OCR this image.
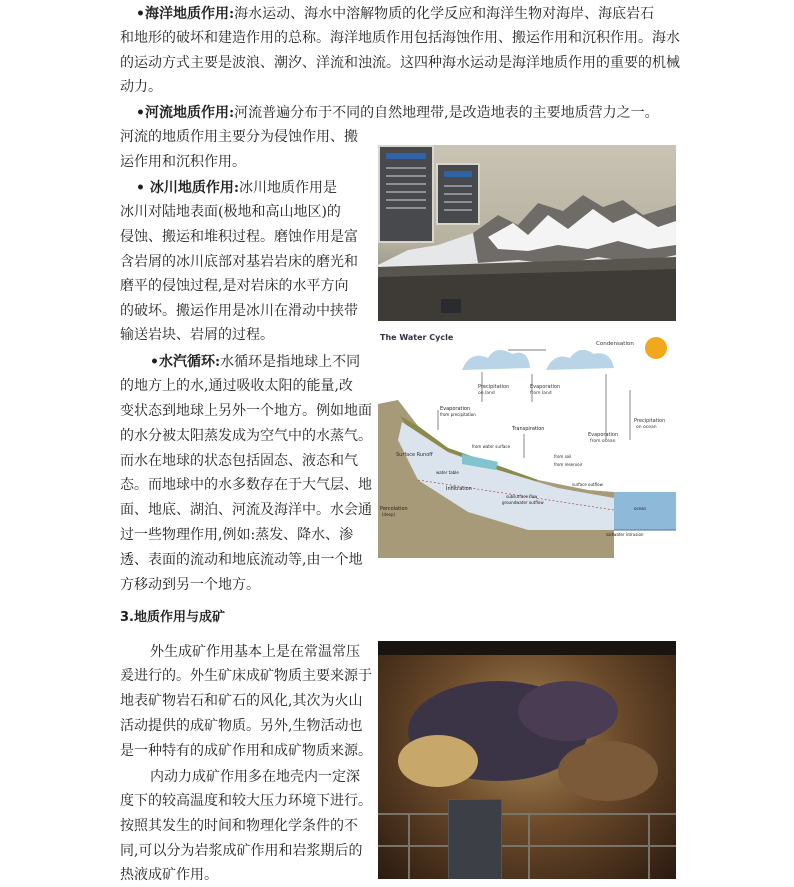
•海洋地质作用:海水运动、海水中溶解物质的化学反应和海洋生物对海岸、海底岩石
和地形的破坏和建造作用的总称。海洋地质作用包括海蚀作用、搬运作用和沉积作用。海水
的运动方式主要是波浪、潮汐、洋流和浊流。这四种海水运动是海洋地质作用的重要的机械
动力。
•河流地质作用:河流普遍分布于不同的自然地理带,是改造地表的主要地质营力之一。
河流的地质作用主要分为侵蚀作用、搬
运作用和沉积作用。
• 冰川地质作用:冰川地质作用是
冰川对陆地表面(极地和高山地区)的
侵蚀、搬运和堆积过程。磨蚀作用是富
含岩屑的冰川底部对基岩岩床的磨光和
磨平的侵蚀过程,是对岩床的水平方向
的破坏。搬运作用是冰川在滑动中挟带
输送岩块、岩屑的过程。
•水汽循环:水循环是指地球上不同
的地方上的水,通过吸收太阳的能量,改
变状态到地球上另外一个地方。例如地面
的水分被太阳蒸发成为空气中的水蒸气。
而水在地球的状态包括固态、液态和气
态。而地球中的水多数存在于大气层、地
面、地底、湖泊、河流及海洋中。水会通
过一些物理作用,例如:蒸发、降水、渗
透、表面的流动和地底流动等,由一个地
方移动到另一个地方。
3.地质作用与成矿
外生成矿作用基本上是在常温常压
爰进行的。外生矿床成矿物质主要来源于
地表矿物岩石和矿石的风化,其次为火山
活动提供的成矿物质。另外,生物活动也
是一种特有的成矿作用和成矿物质来源。
内动力成矿作用多在地壳内一定深
度下的较高温度和较大压力环境下进行。
按照其发生的时间和物理化学条件的不
同,可以分为岩浆成矿作用和岩浆期后的
热液成矿作用。
The Water Cycle
Condensation
Precipitation
on land
Evaporation
from land
Precipitation
on ocean
Evaporation
from ocean
Evaporation
from precipitation
Transpiration
from water surface
from soil
from reservoir
Surface Runoff
water table
Infiltration
subsurface flow
groundwater outflow
surface outflow
Percolation
(deep)
ocean
saltwater intrusion
